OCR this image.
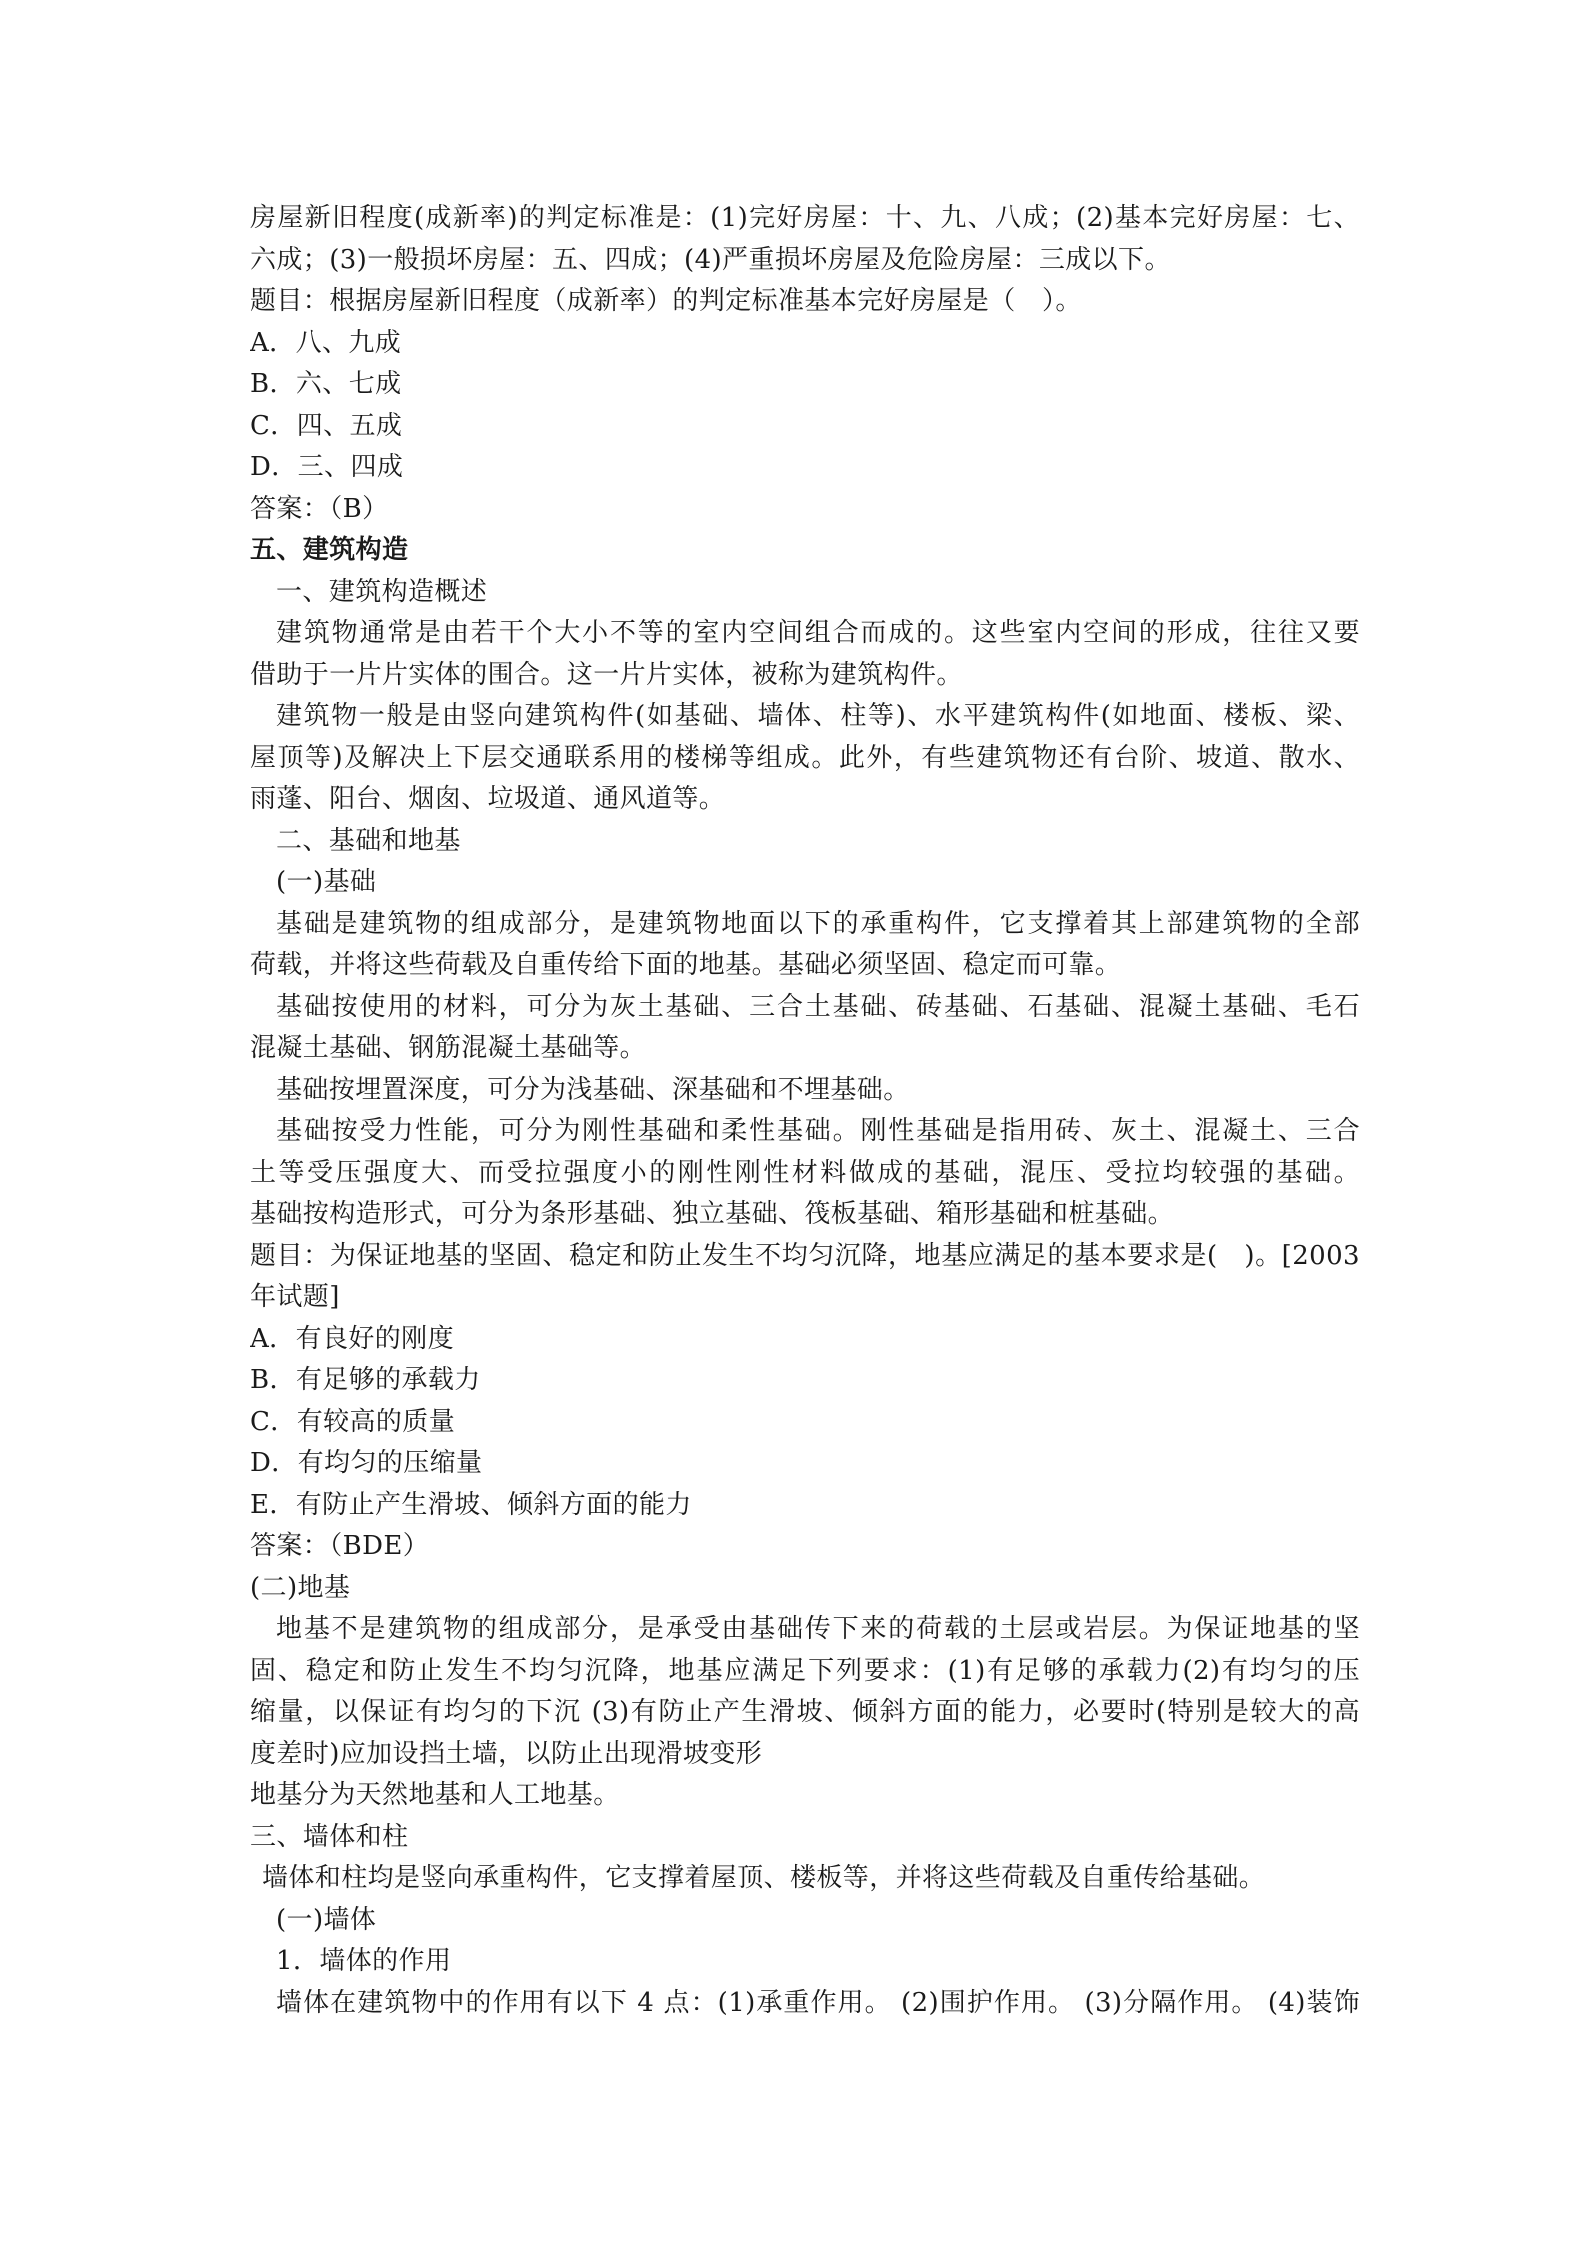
房屋新旧程度(成新率)的判定标准是：(1)完好房屋：十、九、八成；(2)基本完好房屋：七、
六成；(3)一般损坏房屋：五、四成；(4)严重损坏房屋及危险房屋：三成以下。
题目：根据房屋新旧程度（成新率）的判定标准基本完好房屋是（　）。
A．八、九成
B．六、七成
C．四、五成
D．三、四成
答案：（B）
五、建筑构造
一、建筑构造概述
建筑物通常是由若干个大小不等的室内空间组合而成的。这些室内空间的形成，往往又要
借助于一片片实体的围合。这一片片实体，被称为建筑构件。
建筑物一般是由竖向建筑构件(如基础、墙体、柱等)、水平建筑构件(如地面、楼板、梁、
屋顶等)及解决上下层交通联系用的楼梯等组成。此外，有些建筑物还有台阶、坡道、散水、
雨蓬、阳台、烟囱、垃圾道、通风道等。
二、基础和地基
(一)基础
基础是建筑物的组成部分，是建筑物地面以下的承重构件，它支撑着其上部建筑物的全部
荷载，并将这些荷载及自重传给下面的地基。基础必须坚固、稳定而可靠。
基础按使用的材料，可分为灰土基础、三合土基础、砖基础、石基础、混凝土基础、毛石
混凝土基础、钢筋混凝土基础等。
基础按埋置深度，可分为浅基础、深基础和不埋基础。
基础按受力性能，可分为刚性基础和柔性基础。刚性基础是指用砖、灰土、混凝土、三合
土等受压强度大、而受拉强度小的刚性刚性材料做成的基础，混压、受拉均较强的基础。
基础按构造形式，可分为条形基础、独立基础、筏板基础、箱形基础和桩基础。
题目：为保证地基的坚固、稳定和防止发生不均匀沉降，地基应满足的基本要求是(　)。[2003
年试题]
A．有良好的刚度
B．有足够的承载力
C．有较高的质量
D．有均匀的压缩量
E．有防止产生滑坡、倾斜方面的能力
答案：（BDE）
(二)地基
地基不是建筑物的组成部分，是承受由基础传下来的荷载的土层或岩层。为保证地基的坚
固、稳定和防止发生不均匀沉降，地基应满足下列要求：(1)有足够的承载力(2)有均匀的压
缩量，以保证有均匀的下沉 (3)有防止产生滑坡、倾斜方面的能力，必要时(特别是较大的高
度差时)应加设挡土墙，以防止出现滑坡变形
地基分为天然地基和人工地基。
三、墙体和柱
墙体和柱均是竖向承重构件，它支撑着屋顶、楼板等，并将这些荷载及自重传给基础。
(一)墙体
1．墙体的作用
墙体在建筑物中的作用有以下 4 点：(1)承重作用。 (2)围护作用。 (3)分隔作用。 (4)装饰
